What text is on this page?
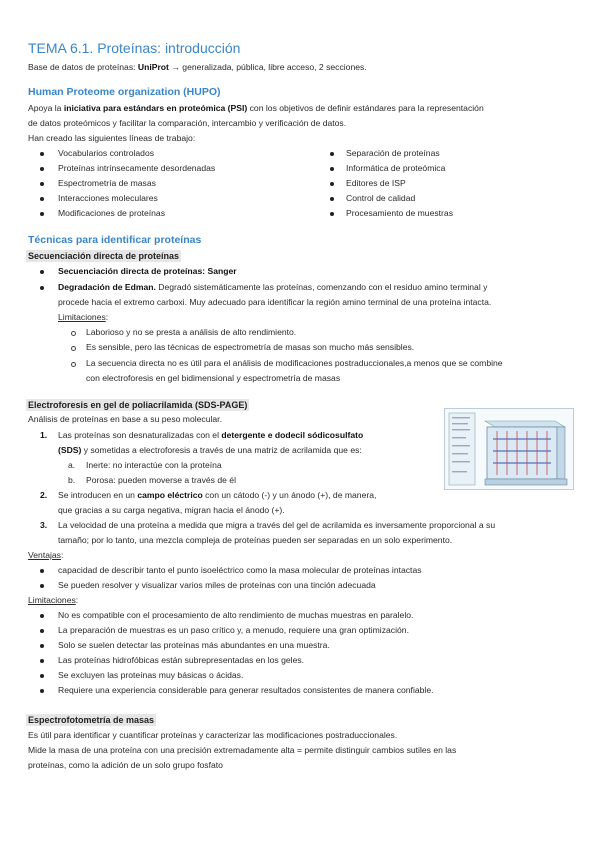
TEMA 6.1. Proteínas: introducción
Base de datos de proteínas: UniProt → generalizada, pública, libre acceso, 2 secciones.
Human Proteome organization (HUPO)
Apoya la iniciativa para estándars en proteómica (PSI) con los objetivos de definir estándares para la representación
de datos proteómicos y facilitar la comparación, intercambio y verificación de datos.
Han creado las siguientes líneas de trabajo:
Vocabularios controlados
Proteínas intrínsecamente desordenadas
Espectrometría de masas
Interacciones moleculares
Modificaciones de proteínas
Separación de proteínas
Informática de proteómica
Editores de ISP
Control de calidad
Procesamiento de muestras
Técnicas para identificar proteínas
Secuenciación directa de proteínas
Secuenciación directa de proteínas: Sanger
Degradación de Edman. Degradó sistemáticamente las proteínas, comenzando con el residuo amino terminal y
procede hacia el extremo carboxi. Muy adecuado para identificar la región amino terminal de una proteína intacta.
Limitaciones:
Laborioso y no se presta a análisis de alto rendimiento.
Es sensible, pero las técnicas de espectrometría de masas son mucho más sensibles.
La secuencia directa no es útil para el análisis de modificaciones postraduccionales,a menos que se combine
con electroforesis en gel bidimensional y espectrometría de masas
Electroforesis en gel de poliacrilamida (SDS-PAGE)
Análisis de proteínas en base a su peso molecular.
1. Las proteínas son desnaturalizadas con el detergente e dodecil sódicosulfato
(SDS) y sometidas a electroforesis a través de una matriz de acrilamida que es:
a. Inerte: no interactúe con la proteína
b. Porosa: pueden moverse a través de él
2. Se introducen en un campo eléctrico con un cátodo (-) y un ánodo (+), de manera,
que gracias a su carga negativa, migran hacia el ánodo (+).
3. La velocidad de una proteína a medida que migra a través del gel de acrilamida es inversamente proporcional a su
tamaño; por lo tanto, una mezcla compleja de proteínas pueden ser separadas en un solo experimento.
Ventajas:
capacidad de describir tanto el punto isoeléctrico como la masa molecular de proteínas intactas
Se pueden resolver y visualizar varios miles de proteínas con una tinción adecuada
Limitaciones:
No es compatible con el procesamiento de alto rendimiento de muchas muestras en paralelo.
La preparación de muestras es un paso crítico y, a menudo, requiere una gran optimización.
Solo se suelen detectar las proteínas más abundantes en una muestra.
Las proteínas hidrofóbicas están subrepresentadas en los geles.
Se excluyen las proteínas muy básicas o ácidas.
Requiere una experiencia considerable para generar resultados consistentes de manera confiable.
Espectrofotometría de masas
Es útil para identificar y cuantificar proteínas y caracterizar las modificaciones postraduccionales.
Mide la masa de una proteína con una precisión extremadamente alta = permite distinguir cambios sutiles en las
proteínas, como la adición de un solo grupo fosfato
